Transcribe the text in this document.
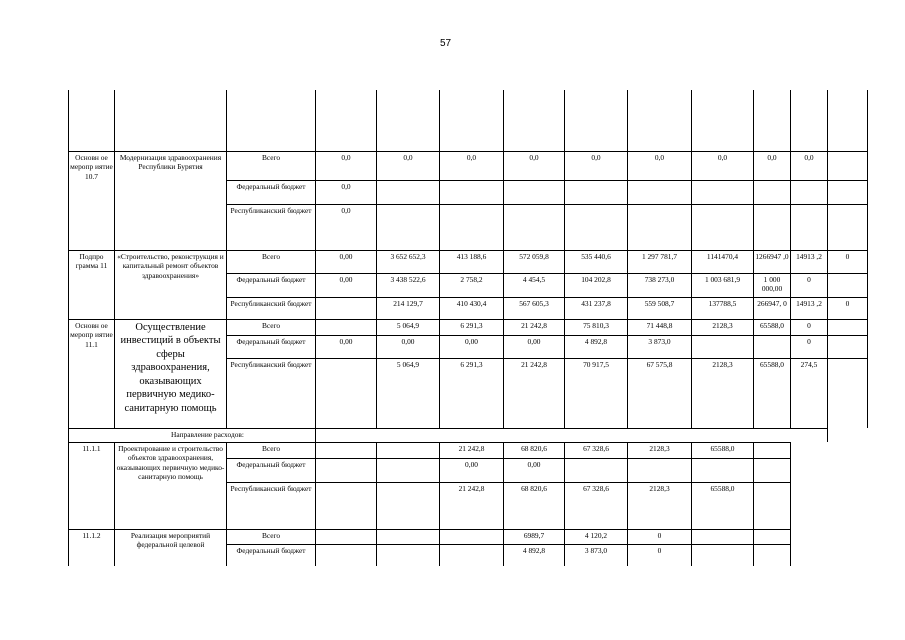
57

Основн ое меропр иятие 10.7	Модернизация здравоохранения Республики Бурятия	Всего	0,0	0,0	0,0	0,0	0,0	0,0	0,0	0,0	0,0	
		Федеральный бюджет	0,0									
		Республиканский бюджет	0,0									
Подпро грамма 11	«Строительство, реконструкция и капитальный ремонт объектов здравоохранения»	Всего	0,00	3 652 652,3	413 188,6	572 059,8	535 440,6	1 297 781,7	1141470,4	1266947 ,0	14913 ,2	0
		Федеральный бюджет	0,00	3 438 522,6	2 758,2	4 454,5	104 202,8	738 273,0	1 003 681,9	1 000 000,00	0	
		Республиканский бюджет		214 129,7	410 430,4	567 605,3	431 237,8	559 508,7	137788,5	266947, 0	14913 ,2	0
Основн ое меропр иятие 11.1	Осуществление инвестиций в объекты сферы здравоохранения, оказывающих первичную медико-санитарную помощь	Всего		5 064,9	6 291,3	21 242,8	75 810,3	71 448,8	2128,3	65588,0	0	
		Федеральный бюджет	0,00	0,00	0,00	0,00	4 892,8	3 873,0			0	
		Республиканский бюджет		5 064,9	6 291,3	21 242,8	70 917,5	67 575,8	2128,3	65588,0	274,5	
Направление расходов:												
11.1.1	Проектирование и строительство объектов здравоохранения, оказывающих первичную медико-санитарную помощь	Всего			21 242,8	68 820,6	67 328,6	2128,3	65588,0			
		Федеральный бюджет			0,00	0,00						
		Республиканский бюджет			21 242,8	68 820,6	67 328,6	2128,3	65588,0			
11.1.2	Реализация мероприятий федеральной целевой	Всего				6989,7	4 120,2	0				
		Федеральный бюджет				4 892,8	3 873,0	0				
